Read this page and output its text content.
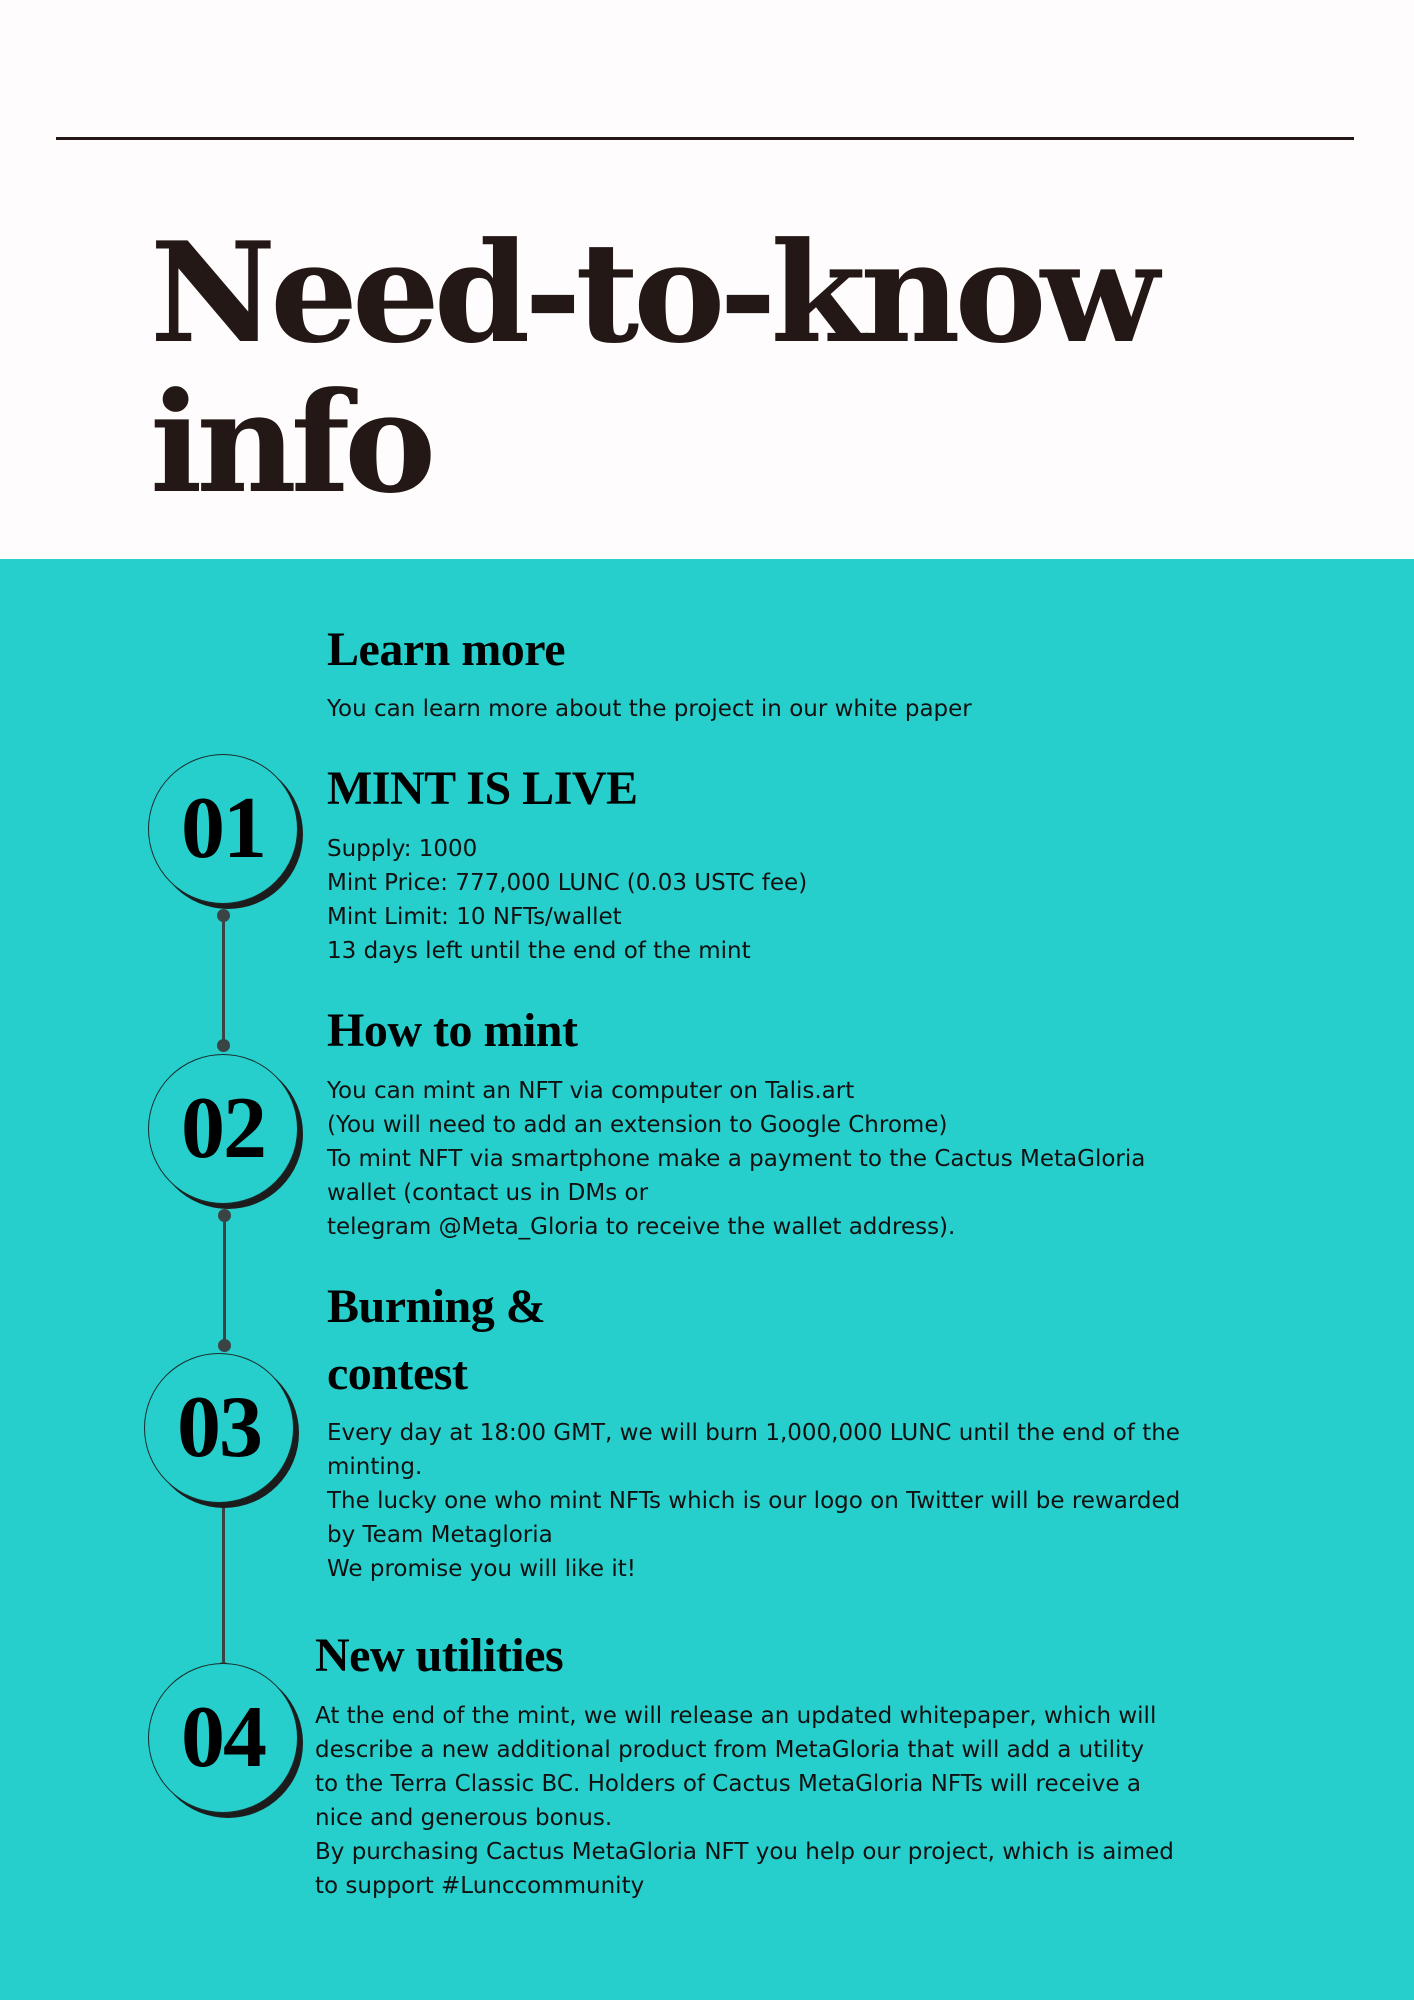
Need-to-know
info
Learn more

You can learn more about the project in our white paper

01 MINT IS LIVE

Supply: 1000
Mint Price: 777,000 LUNC (0.03 USTC fee)
Mint Limit: 10 NFTs/wallet
13 days left until the end of the mint

02
How to mint

You can mint an NFT via computer on Talis.art
(You will need to add an extension to Google Chrome)
To mint NFT via smartphone make a payment to the Cactus MetaGloria
wallet (contact us in DMs or
telegram @Meta_Gloria to receive the wallet address).

03
Burning &
contest

Every day at 18:00 GMT, we will burn 1,000,000 LUNC until the end of the
minting.
The lucky one who mint NFTs which is our logo on Twitter will be rewarded
by Team Metagloria
We promise you will like it!

04
New utilities

At the end of the mint, we will release an updated whitepaper, which will
describe a new additional product from MetaGloria that will add a utility
to the Terra Classic BC. Holders of Cactus MetaGloria NFTs will receive a
nice and generous bonus.
By purchasing Cactus MetaGloria NFT you help our project, which is aimed
to support #Lunccommunity
